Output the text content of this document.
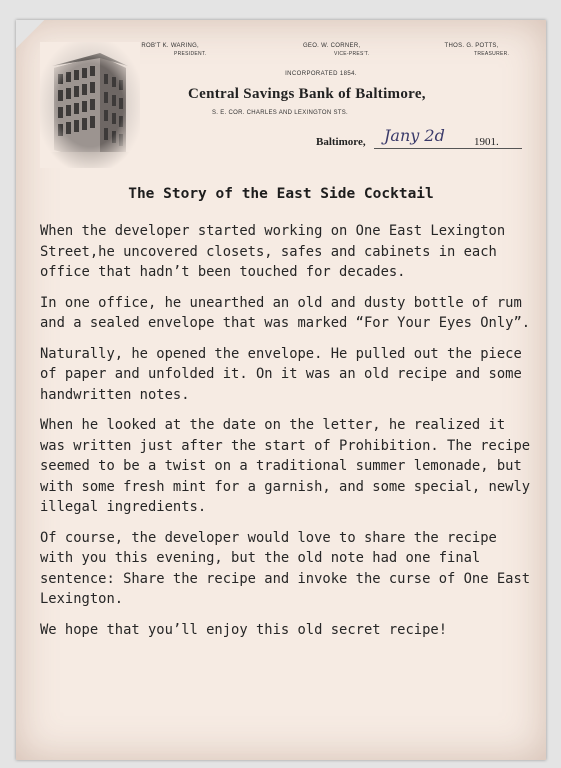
ROB'T K. WARING,
PRESIDENT.
GEO. W. CORNER,
VICE-PRES'T.
THOS. G. POTTS,
TREASURER.
INCORPORATED 1854.
Central Savings Bank of Baltimore,
S. E. COR. CHARLES AND LEXINGTON STS.
Baltimore, Jany 2d	1901.
The Story of the East Side Cocktail

When the developer started working on One East Lexington Street,he uncovered closets, safes and cabinets in each office that hadn’t been touched for decades.

In one office, he unearthed an old and dusty bottle of rum and a sealed envelope that was marked “For Your Eyes Only”.

Naturally, he opened the envelope. He pulled out the piece of paper and unfolded it. On it was an old recipe and some handwritten notes.

When he looked at the date on the letter, he realized it was written just after the start of Prohibition. The recipe seemed to be a twist on a traditional summer lemonade, but with some fresh mint for a garnish, and some special, newly illegal ingredients.

Of course, the developer would love to share the recipe with you this evening, but the old note had one final sentence: Share the recipe and invoke the curse of One East Lexington.

We hope that you’ll enjoy this old secret recipe!
